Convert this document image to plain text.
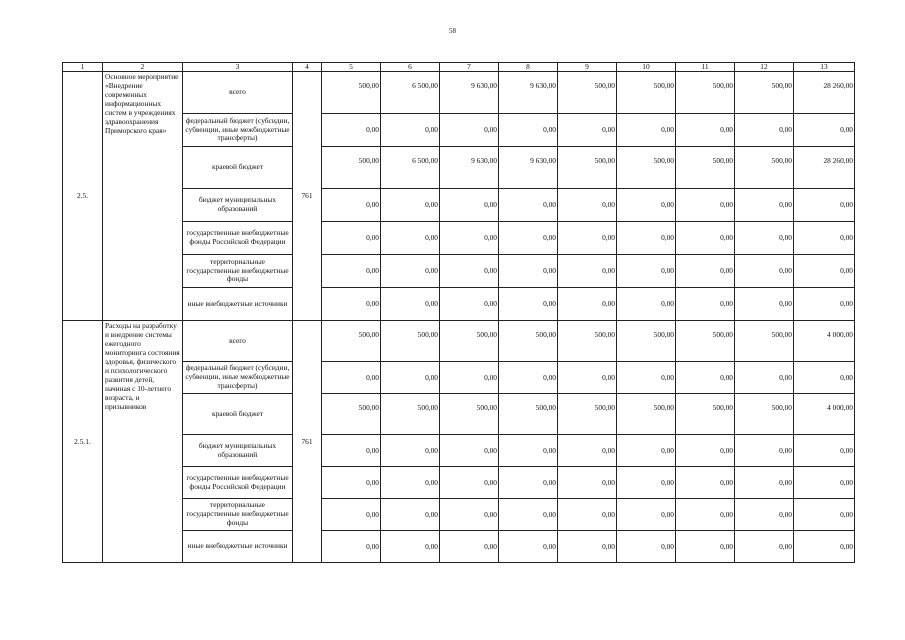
58
1	2	3	4	5	6	7	8	9	10	11	12	13
2.5.	Основное мероприятие «Внедрение современных информационных систем в учреждениях здравоохранения Приморского края»	всего	761	500,00	6 500,00	9 630,00	9 630,00	500,00	500,00	500,00	500,00	28 260,00
		федеральный бюджет (субсидии, субвенции, иные межбюджетные трансферты)		0,00	0,00	0,00	0,00	0,00	0,00	0,00	0,00	0,00
		краевой бюджет		500,00	6 500,00	9 630,00	9 630,00	500,00	500,00	500,00	500,00	28 260,00
		бюджет муниципальных образований		0,00	0,00	0,00	0,00	0,00	0,00	0,00	0,00	0,00
		государственные внебюджетные фонды Российской Федерации		0,00	0,00	0,00	0,00	0,00	0,00	0,00	0,00	0,00
		территориальные государственные внебюджетные фонды		0,00	0,00	0,00	0,00	0,00	0,00	0,00	0,00	0,00
		иные внебюджетные источники		0,00	0,00	0,00	0,00	0,00	0,00	0,00	0,00	0,00
2.5.1.	Расходы на разработку и внедрение системы ежегодного мониторинга состояния здоровья, физического и психологического развития детей, начиная с 10-летнего возраста, и призывников	всего	761	500,00	500,00	500,00	500,00	500,00	500,00	500,00	500,00	4 000,00
		федеральный бюджет (субсидии, субвенции, иные межбюджетные трансферты)		0,00	0,00	0,00	0,00	0,00	0,00	0,00	0,00	0,00
		краевой бюджет		500,00	500,00	500,00	500,00	500,00	500,00	500,00	500,00	4 000,00
		бюджет муниципальных образований		0,00	0,00	0,00	0,00	0,00	0,00	0,00	0,00	0,00
		государственные внебюджетные фонды Российской Федерации		0,00	0,00	0,00	0,00	0,00	0,00	0,00	0,00	0,00
		территориальные государственные внебюджетные фонды		0,00	0,00	0,00	0,00	0,00	0,00	0,00	0,00	0,00
		иные внебюджетные источники		0,00	0,00	0,00	0,00	0,00	0,00	0,00	0,00	0,00
